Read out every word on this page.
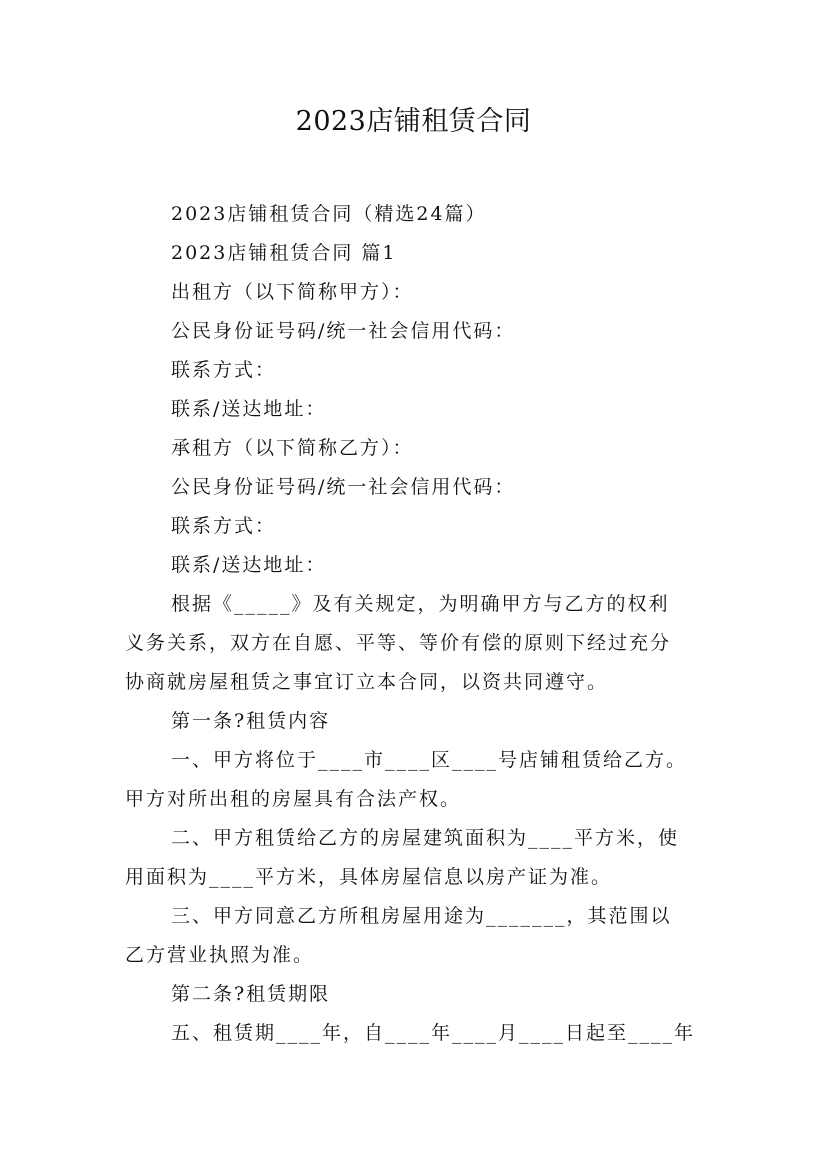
2023店铺租赁合同
2023店铺租赁合同（精选24篇）
2023店铺租赁合同 篇1
出租方（以下简称甲方）：
公民身份证号码/统一社会信用代码：
联系方式：
联系/送达地址：
承租方（以下简称乙方）：
公民身份证号码/统一社会信用代码：
联系方式：
联系/送达地址：
根据《_____》及有关规定，为明确甲方与乙方的权利
义务关系，双方在自愿、平等、等价有偿的原则下经过充分
协商就房屋租赁之事宜订立本合同，以资共同遵守。
第一条?租赁内容
一、甲方将位于____市____区____号店铺租赁给乙方。
甲方对所出租的房屋具有合法产权。
二、甲方租赁给乙方的房屋建筑面积为____平方米，使
用面积为____平方米，具体房屋信息以房产证为准。
三、甲方同意乙方所租房屋用途为_______，其范围以
乙方营业执照为准。
第二条?租赁期限
五、租赁期____年，自____年____月____日起至____年
